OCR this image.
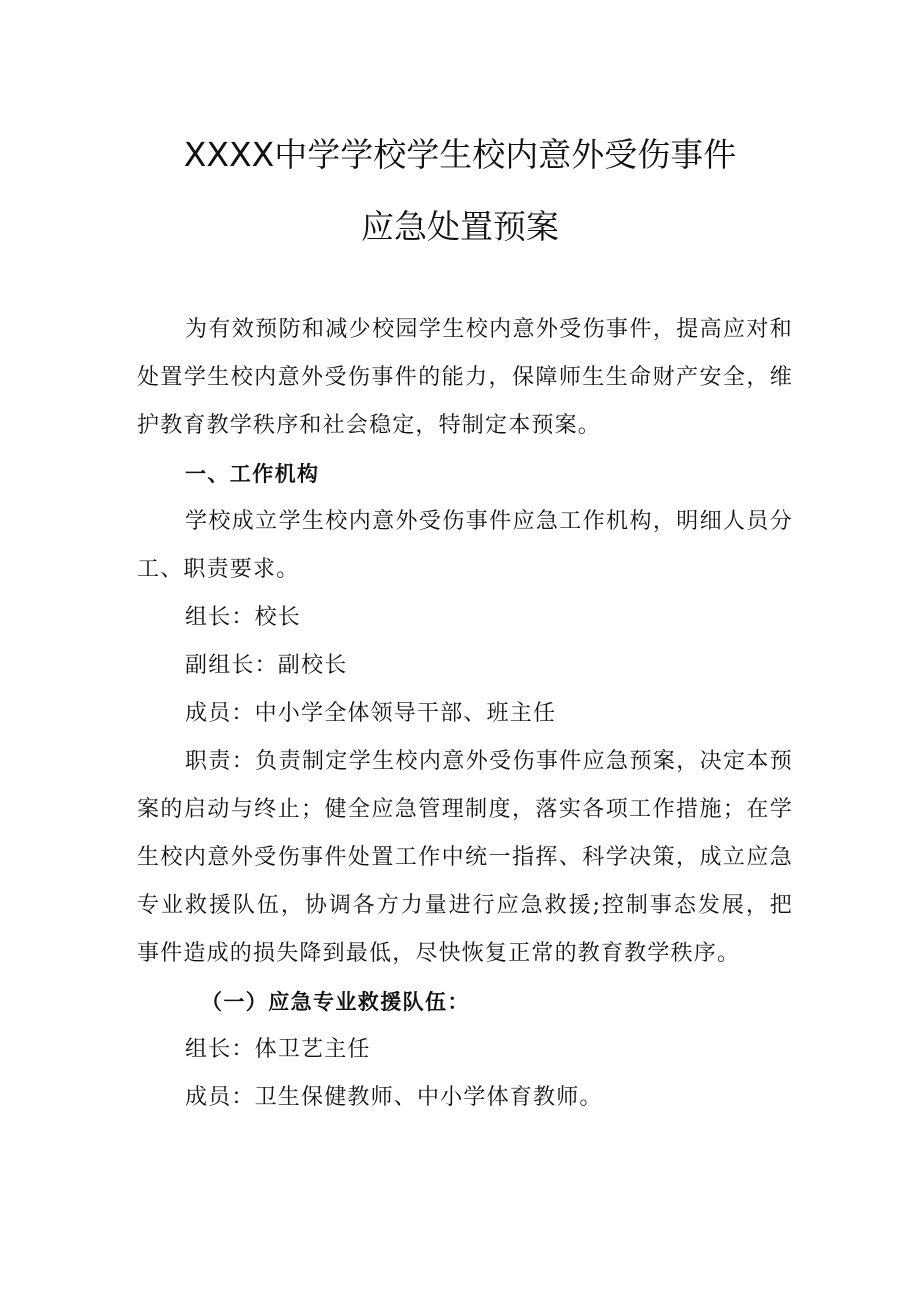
XXXX中学学校学生校内意外受伤事件
应急处置预案

为有效预防和减少校园学生校内意外受伤事件，提高应对和处置学生校内意外受伤事件的能力，保障师生生命财产安全，维护教育教学秩序和社会稳定，特制定本预案。

一、工作机构

学校成立学生校内意外受伤事件应急工作机构，明细人员分工、职责要求。

组长：校长

副组长：副校长

成员：中小学全体领导干部、班主任

职责：负责制定学生校内意外受伤事件应急预案，决定本预案的启动与终止；健全应急管理制度，落实各项工作措施；在学生校内意外受伤事件处置工作中统一指挥、科学决策，成立应急专业救援队伍，协调各方力量进行应急救援;控制事态发展，把事件造成的损失降到最低，尽快恢复正常的教育教学秩序。

（一）应急专业救援队伍：

组长：体卫艺主任

成员：卫生保健教师、中小学体育教师。
